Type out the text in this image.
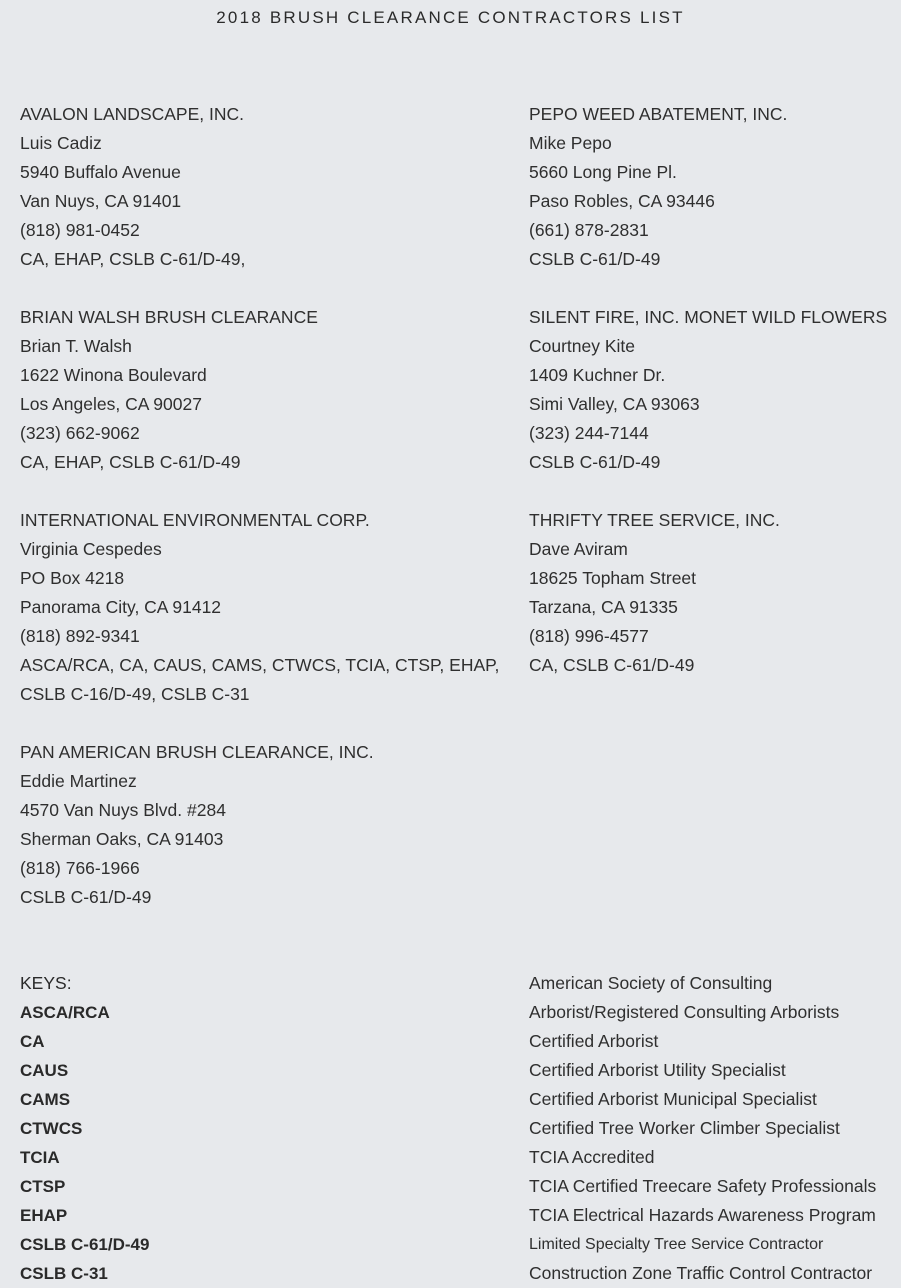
2018 BRUSH CLEARANCE CONTRACTORS LIST
AVALON LANDSCAPE, INC.
Luis Cadiz
5940 Buffalo Avenue
Van Nuys, CA 91401
(818) 981-0452
CA, EHAP, CSLB C-61/D-49,
PEPO WEED ABATEMENT, INC.
Mike Pepo
5660 Long Pine Pl.
Paso Robles, CA 93446
(661) 878-2831
CSLB C-61/D-49
BRIAN WALSH BRUSH CLEARANCE
Brian T. Walsh
1622 Winona Boulevard
Los Angeles, CA 90027
(323) 662-9062
CA, EHAP, CSLB C-61/D-49
SILENT FIRE, INC. MONET WILD FLOWERS
Courtney Kite
1409 Kuchner Dr.
Simi Valley, CA 93063
(323) 244-7144
CSLB C-61/D-49
INTERNATIONAL ENVIRONMENTAL CORP.
Virginia Cespedes
PO Box 4218
Panorama City, CA 91412
(818) 892-9341
ASCA/RCA, CA, CAUS, CAMS, CTWCS, TCIA, CTSP, EHAP,
CSLB C-16/D-49, CSLB C-31
THRIFTY TREE SERVICE, INC.
Dave Aviram
18625 Topham Street
Tarzana, CA 91335
(818) 996-4577
CA, CSLB C-61/D-49
PAN AMERICAN BRUSH CLEARANCE, INC.
Eddie Martinez
4570 Van Nuys Blvd. #284
Sherman Oaks, CA 91403
(818) 766-1966
CSLB C-61/D-49
KEYS:	American Society of Consulting
ASCA/RCA	Arborist/Registered Consulting Arborists
CA	Certified Arborist
CAUS	Certified Arborist Utility Specialist
CAMS	Certified Arborist Municipal Specialist
CTWCS	Certified Tree Worker Climber Specialist
TCIA	TCIA Accredited
CTSP	TCIA Certified Treecare Safety Professionals
EHAP	TCIA Electrical Hazards Awareness Program
CSLB C-61/D-49	Limited Specialty Tree Service Contractor
CSLB C-31	Construction Zone Traffic Control Contractor
